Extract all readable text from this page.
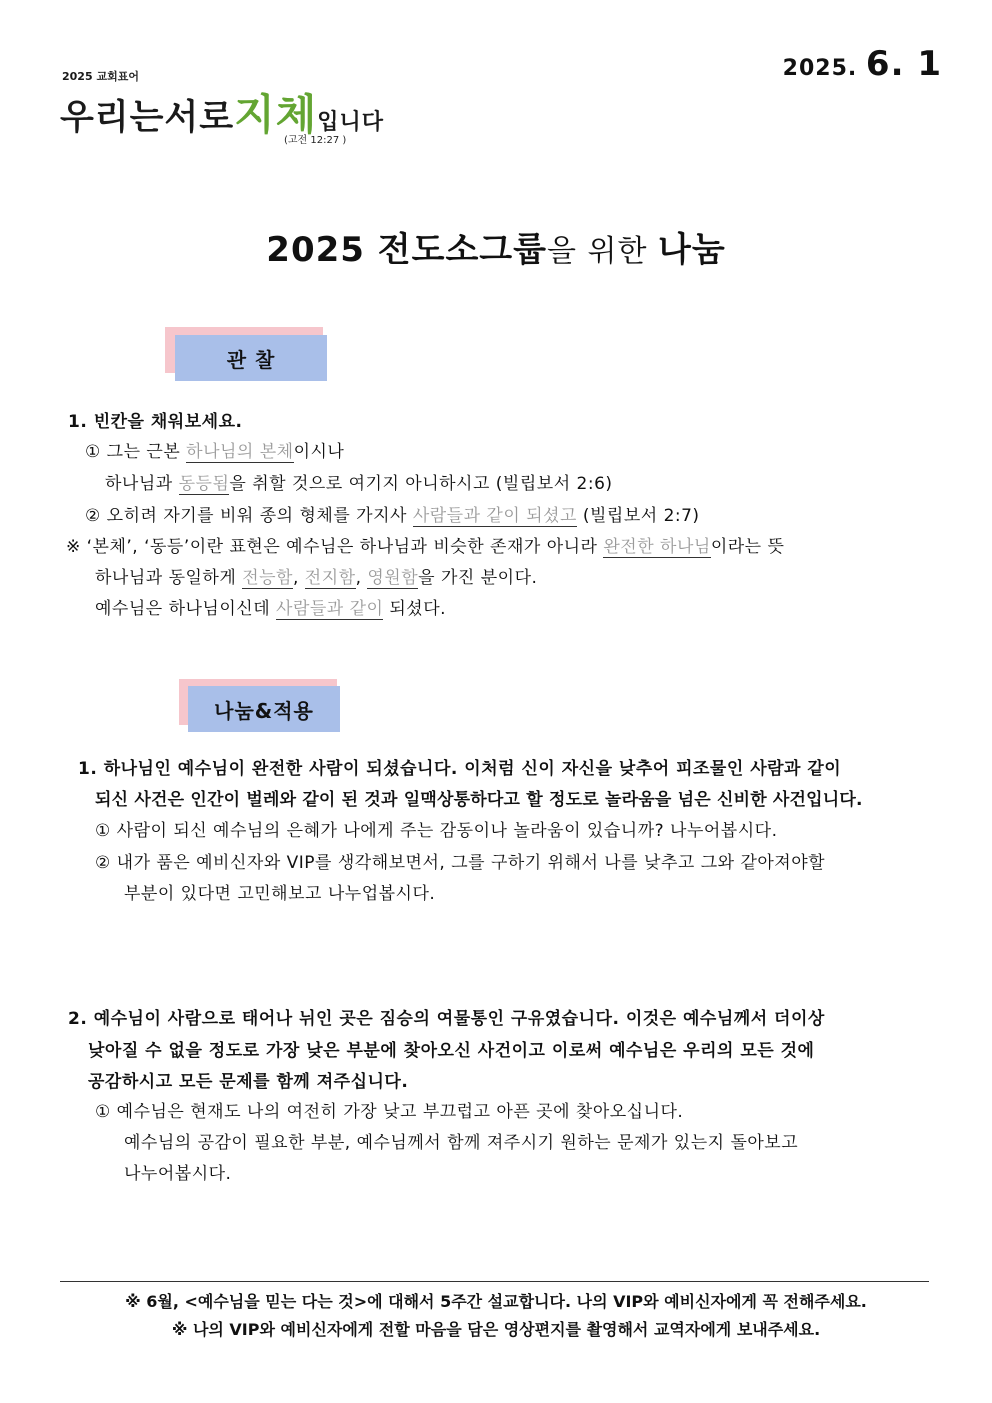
2025 교회표어
우리는서로지체입니다
(고전 12:27 )
2025. 6. 1
2025 전도소그룹을 위한 나눔
관 찰
1. 빈칸을 채워보세요.
① 그는 근본 하나님의 본체이시나
하나님과 동등됨을 취할 것으로 여기지 아니하시고 (빌립보서 2:6)
② 오히려 자기를 비워 종의 형체를 가지사 사람들과 같이 되셨고 (빌립보서 2:7)
※ ‘본체’, ‘동등’이란 표현은 예수님은 하나님과 비슷한 존재가 아니라 완전한 하나님이라는 뜻
하나님과 동일하게 전능함, 전지함, 영원함을 가진 분이다.
예수님은 하나님이신데 사람들과 같이 되셨다.
나눔&적용
1. 하나님인 예수님이 완전한 사람이 되셨습니다. 이처럼 신이 자신을 낮추어 피조물인 사람과 같이
되신 사건은 인간이 벌레와 같이 된 것과 일맥상통하다고 할 정도로 놀라움을 넘은 신비한 사건입니다.
① 사람이 되신 예수님의 은혜가 나에게 주는 감동이나 놀라움이 있습니까? 나누어봅시다.
② 내가 품은 예비신자와 VIP를 생각해보면서, 그를 구하기 위해서 나를 낮추고 그와 같아져야할
부분이 있다면 고민해보고 나누업봅시다.
2. 예수님이 사람으로 태어나 뉘인 곳은 짐승의 여물통인 구유였습니다. 이것은 예수님께서 더이상
낮아질 수 없을 정도로 가장 낮은 부분에 찾아오신 사건이고 이로써 예수님은 우리의 모든 것에
공감하시고 모든 문제를 함께 져주십니다.
① 예수님은 현재도 나의 여전히 가장 낮고 부끄럽고 아픈 곳에 찾아오십니다.
예수님의 공감이 필요한 부분, 예수님께서 함께 져주시기 원하는 문제가 있는지 돌아보고
나누어봅시다.
※ 6월, <예수님을 믿는 다는 것>에 대해서 5주간 설교합니다. 나의 VIP와 예비신자에게 꼭 전해주세요.
※ 나의 VIP와 예비신자에게 전할 마음을 담은 영상편지를 촬영해서 교역자에게 보내주세요.
